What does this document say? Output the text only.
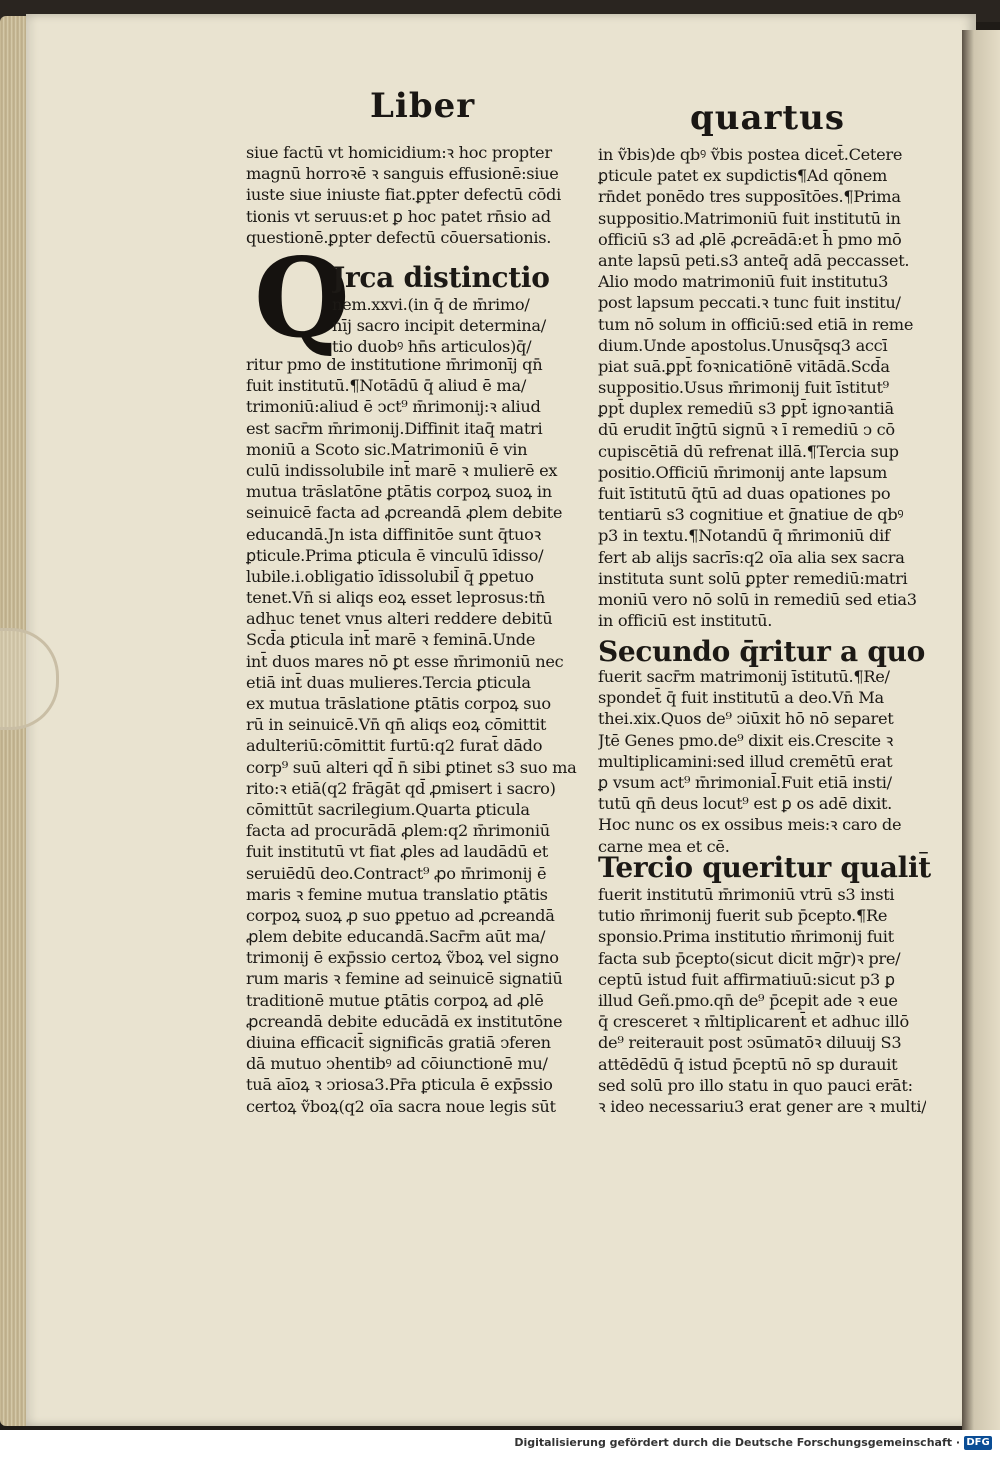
Liber	quartus
siue factū vt homicidium:ꝛ hoc propter
magnū horroꝛē ꝛ sanguis effusionē:siue
iuste siue iniuste fiat.ꝑpter defectū cōdi
tionis vt seruus:et ꝑ hoc patet rn̄sio ad
questionē.ꝑpter defectū cōuersationis.
Q
Jrca distinctio
nem.xxvi.(in q̄ de m̄rimo/
nīj sacro incipit determina/
tio duobꝰ hn̄s articulos)q̄/
ritur pmo de institutione m̄rimonīj qn̄
fuit institutū.¶Notādū q̄ aliud ē ma/
trimoniū:aliud ē ↄct⁹ m̄rimonij:ꝛ aliud
est sacr̄m m̄rimonij.Diffinit itaq̄ matri
moniū a Scoto sic.Matrimoniū ē vin
culū indissolubile int̄ marē ꝛ mulierē ex
mutua trāslatōne ꝑtātis corpoꝝ suoꝝ in
seinuicē facta ad ꝓcreandā ꝓlem debite
educandā.Jn ista diffinitōe sunt q̄tuoꝛ
ꝑticule.Prima ꝑticula ē vinculū īdisso/
lubile.i.obligatio īdissolubil̄ q̄ ꝑpetuo
tenet.Vn̄ si aliqs eoꝝ esset leprosus:tn̄
adhuc tenet vnus alteri reddere debitū
Scd̄a ꝑticula int̄ marē ꝛ feminā.Unde
int̄ duos mares nō ꝑt esse m̄rimoniū nec
etiā int̄ duas mulieres.Tercia ꝑticula
ex mutua trāslatione ꝑtātis corpoꝝ suo
rū in seinuicē.Vn̄ qn̄ aliqs eoꝝ cōmittit
adulteriū:cōmittit furtū:q2 furat̄ dādo
corp⁹ suū alteri qd̄ n̄ sibi ꝑtinet s3 suo ma
rito:ꝛ etiā(q2 frāgāt qd̄ ꝓmisert i sacro)
cōmittūt sacrilegium.Quarta ꝑticula
facta ad procurādā ꝓlem:q2 m̄rimoniū
fuit institutū vt fiat ꝓles ad laudādū et
seruiēdū deo.Contract⁹ ꝓo m̄rimonij ē
maris ꝛ femine mutua translatio ꝑtātis
corpoꝝ suoꝝ ꝓ suo ꝑpetuo ad ꝓcreandā
ꝓlem debite educandā.Sacr̄m aūt ma/
trimonij ē exp̄ssio certoꝝ ṽboꝝ vel signo
rum maris ꝛ femine ad seinuicē signatiū
traditionē mutue ꝑtātis corpoꝝ ad ꝓlē
ꝓcreandā debite educādā ex institutōne
diuina efficacit̄ significās gratiā ↄferen
dā mutuo ↄhentibꝰ ad cōiunctionē mu/
tuā aīoꝝ ꝛ ↄriosa3.Pr̄a ꝑticula ē exp̄ssio
certoꝝ ṽboꝝ(q2 oīa sacra noue legis sūt
in ṽbis)de qbꝰ ṽbis postea dicet̄.Cetere
ꝑticule patet ex supdictis¶Ad qōnem
rn̄det ponēdo tres supposītōes.¶Prima
suppositio.Matrimoniū fuit institutū in
officiū s3 ad ꝓlē ꝓcreādā:et h̄ pmo mō
ante lapsū peti.s3 anteq̄ adā peccasset.
Alio modo matrimoniū fuit institutu3
post lapsum peccati.ꝛ tunc fuit institu/
tum nō solum in officiū:sed etiā in reme
dium.Unde apostolus.Unusq̄sq3 accī
piat suā.ꝑpt̄ foꝛnicatiōnē vitādā.Scd̄a
suppositio.Usus m̄rimonij fuit īstitut⁹
ꝑpt̄ duplex remediū s3 ꝑpt̄ ignoꝛantiā
dū erudit īnḡtū signū ꝛ ī remediū ↄ cō
cupiscētiā dū refrenat illā.¶Tercia sup
positio.Officiū m̄rimonij ante lapsum
fuit īstitutū q̄tū ad duas opationes po
tentiarū s3 cognitiue et ḡnatiue de qbꝰ
p3 in textu.¶Notandū q̄ m̄rimoniū dif
fert ab alijs sacrīs:q2 oīa alia sex sacra
instituta sunt solū ꝑpter remediū:matri
moniū vero nō solū in remediū sed etia3
in officiū est institutū.
Secundo q̄ritur a quo
fuerit sacr̄m matrimonij īstitutū.¶Re/
spondet̄ q̄ fuit institutū a deo.Vn̄ Ma
thei.xix.Quos de⁹ ↄiūxit hō nō separet
Jtē Genes pmo.de⁹ dixit eis.Crescite ꝛ
multiplicamini:sed illud cremētū erat
ꝑ vsum act⁹ m̄rimonial̄.Fuit etiā insti/
tutū qn̄ deus locut⁹ est ꝑ os adē dixit.
Hoc nunc os ex ossibus meis:ꝛ caro de
carne mea et cē.
Tercio queritur qualit̄
fuerit institutū m̄rimoniū vtrū s3 insti
tutio m̄rimonij fuerit sub p̄cepto.¶Re
sponsio.Prima institutio m̄rimonij fuit
facta sub p̄cepto(sicut dicit mḡr)ꝛ pre/
ceptū istud fuit affirmatiuū:sicut p3 ꝑ
illud Geñ.pmo.qn̄ de⁹ p̄cepit ade ꝛ eue
q̄ cresceret ꝛ m̄ltiplicarent̄ et adhuc illō
de⁹ reiterauit post ↄsūmatōꝛ diluuij S3
attēdēdū q̄ istud p̄ceptū nō sp durauit
sed solū pro illo statu in quo pauci erāt:
ꝛ ideo necessariu3 erat gener are ꝛ multi/
Digitalisierung gefördert durch die Deutsche Forschungsgemeinschaft · DFG
